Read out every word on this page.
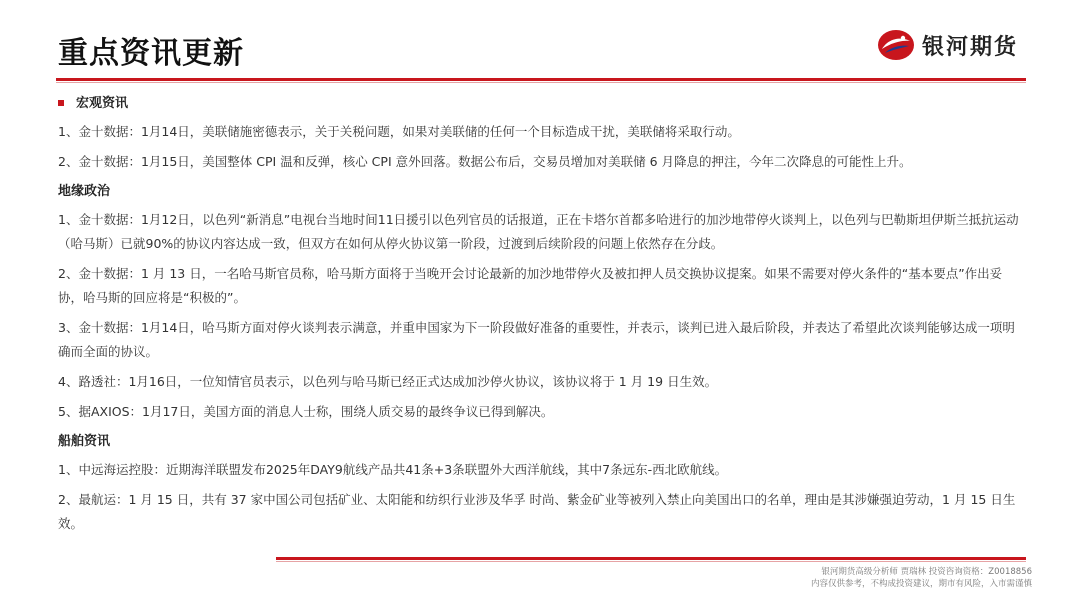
重点资讯更新	银河期货
宏观资讯

1、金十数据：1月14日，美联储施密德表示，关于关税问题，如果对美联储的任何一个目标造成干扰，美联储将采取行动。

2、金十数据：1月15日，美国整体 CPI 温和反弹，核心 CPI 意外回落。数据公布后，交易员增加对美联储 6 月降息的押注，今年二次降息的可能性上升。

地缘政治

1、金十数据：1月12日，以色列“新消息”电视台当地时间11日援引以色列官员的话报道，正在卡塔尔首都多哈进行的加沙地带停火谈判上，以色列与巴勒斯坦伊斯兰抵抗运动（哈马斯）已就90%的协议内容达成一致，但双方在如何从停火协议第一阶段，过渡到后续阶段的问题上依然存在分歧。

2、金十数据：1 月 13 日，一名哈马斯官员称，哈马斯方面将于当晚开会讨论最新的加沙地带停火及被扣押人员交换协议提案。如果不需要对停火条件的“基本要点”作出妥协，哈马斯的回应将是“积极的”。

3、金十数据：1月14日，哈马斯方面对停火谈判表示满意，并重申国家为下一阶段做好准备的重要性，并表示，谈判已进入最后阶段，并表达了希望此次谈判能够达成一项明确而全面的协议。

4、路透社：1月16日，一位知情官员表示，以色列与哈马斯已经正式达成加沙停火协议，该协议将于 1 月 19 日生效。

5、据AXIOS：1月17日，美国方面的消息人士称，围绕人质交易的最终争议已得到解决。

船舶资讯

1、中远海运控股：近期海洋联盟发布2025年DAY9航线产品共41条+3条联盟外大西洋航线，其中7条远东-西北欧航线。

2、最航运：1 月 15 日，共有 37 家中国公司包括矿业、太阳能和纺织行业涉及华孚 时尚、紫金矿业等被列入禁止向美国出口的名单，理由是其涉嫌强迫劳动，1 月 15 日生 效。

银河期货高级分析师 贾瑞林 投资咨询资格：Z0018856
内容仅供参考，不构成投资建议，期市有风险，入市需谨慎
